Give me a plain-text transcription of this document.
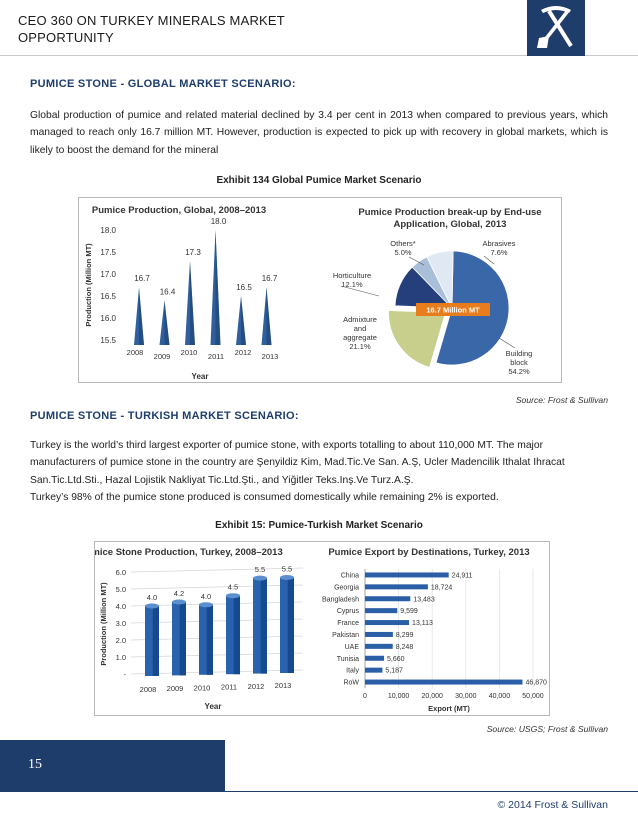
CEO 360 ON TURKEY MINERALS MARKET
OPPORTUNITY
PUMICE STONE - GLOBAL MARKET SCENARIO:
Global production of pumice and related material declined by 3.4 per cent in 2013 when compared to previous years, which managed to reach only 16.7 million MT. However, production is expected to pick up with recovery in global markets, which is likely to boost the demand for the mineral
Exhibit 134 Global Pumice Market Scenario
Pumice Production, Global, 2008–2013
15.5
16.0
16.5
17.0
17.5
18.0
Production (Million MT)	16.7
2008
16.4
2009
17.3
2010
18.0
2011
16.5
2012
16.7
2013
Year
Pumice Production break-up by End-use
Application, Global, 2013
Building
block
54.2%
Admixture
and
aggregate
21.1%
Horticulture
12.1%
Others*
5.0%
Abrasives
7.6%
16.7 Million MT
Source: Frost & Sullivan
PUMICE STONE - TURKISH MARKET SCENARIO:
Turkey is the world’s third largest exporter of pumice stone, with exports totalling to about 110,000 MT. The major
manufacturers of pumice stone in the country are Şenyildiz Kim, Mad.Tic.Ve San. A.Ş, Ucler Madencilik Ithalat Ihracat
San.Tic.Ltd.Sti., Hazal Lojistik Nakliyat Tic.Ltd.Şti., and Yiğitler Teks.Inş.Ve Turz.A.Ş.
Turkey’s 98% of the pumice stone produced is consumed domestically while remaining 2% is exported.
Exhibit 15: Pumice-Turkish Market Scenario
Pumice Stone Production, Turkey, 2008–2013
6.0
5.0
4.0
3.0
2.0
1.0
-
Production (Million MT)	4.0
2008
4.2
2009
4.0
2010
4.5
2011
5.5
2012
5.5
2013
Year
Pumice Export by Destinations, Turkey, 2013
0	10,000 20,000 30,000 40,000 50,000
China	24,911
Georgia	18,724
Bangladesh	13,483
Cyprus	9,599
France	13,113
Pakistan	8,299
UAE	8,248
Tunisia	5,660
Italy	5,187
RoW	46,870
Export (MT)
Source: USGS; Frost & Sullivan
15
© 2014 Frost & Sullivan
